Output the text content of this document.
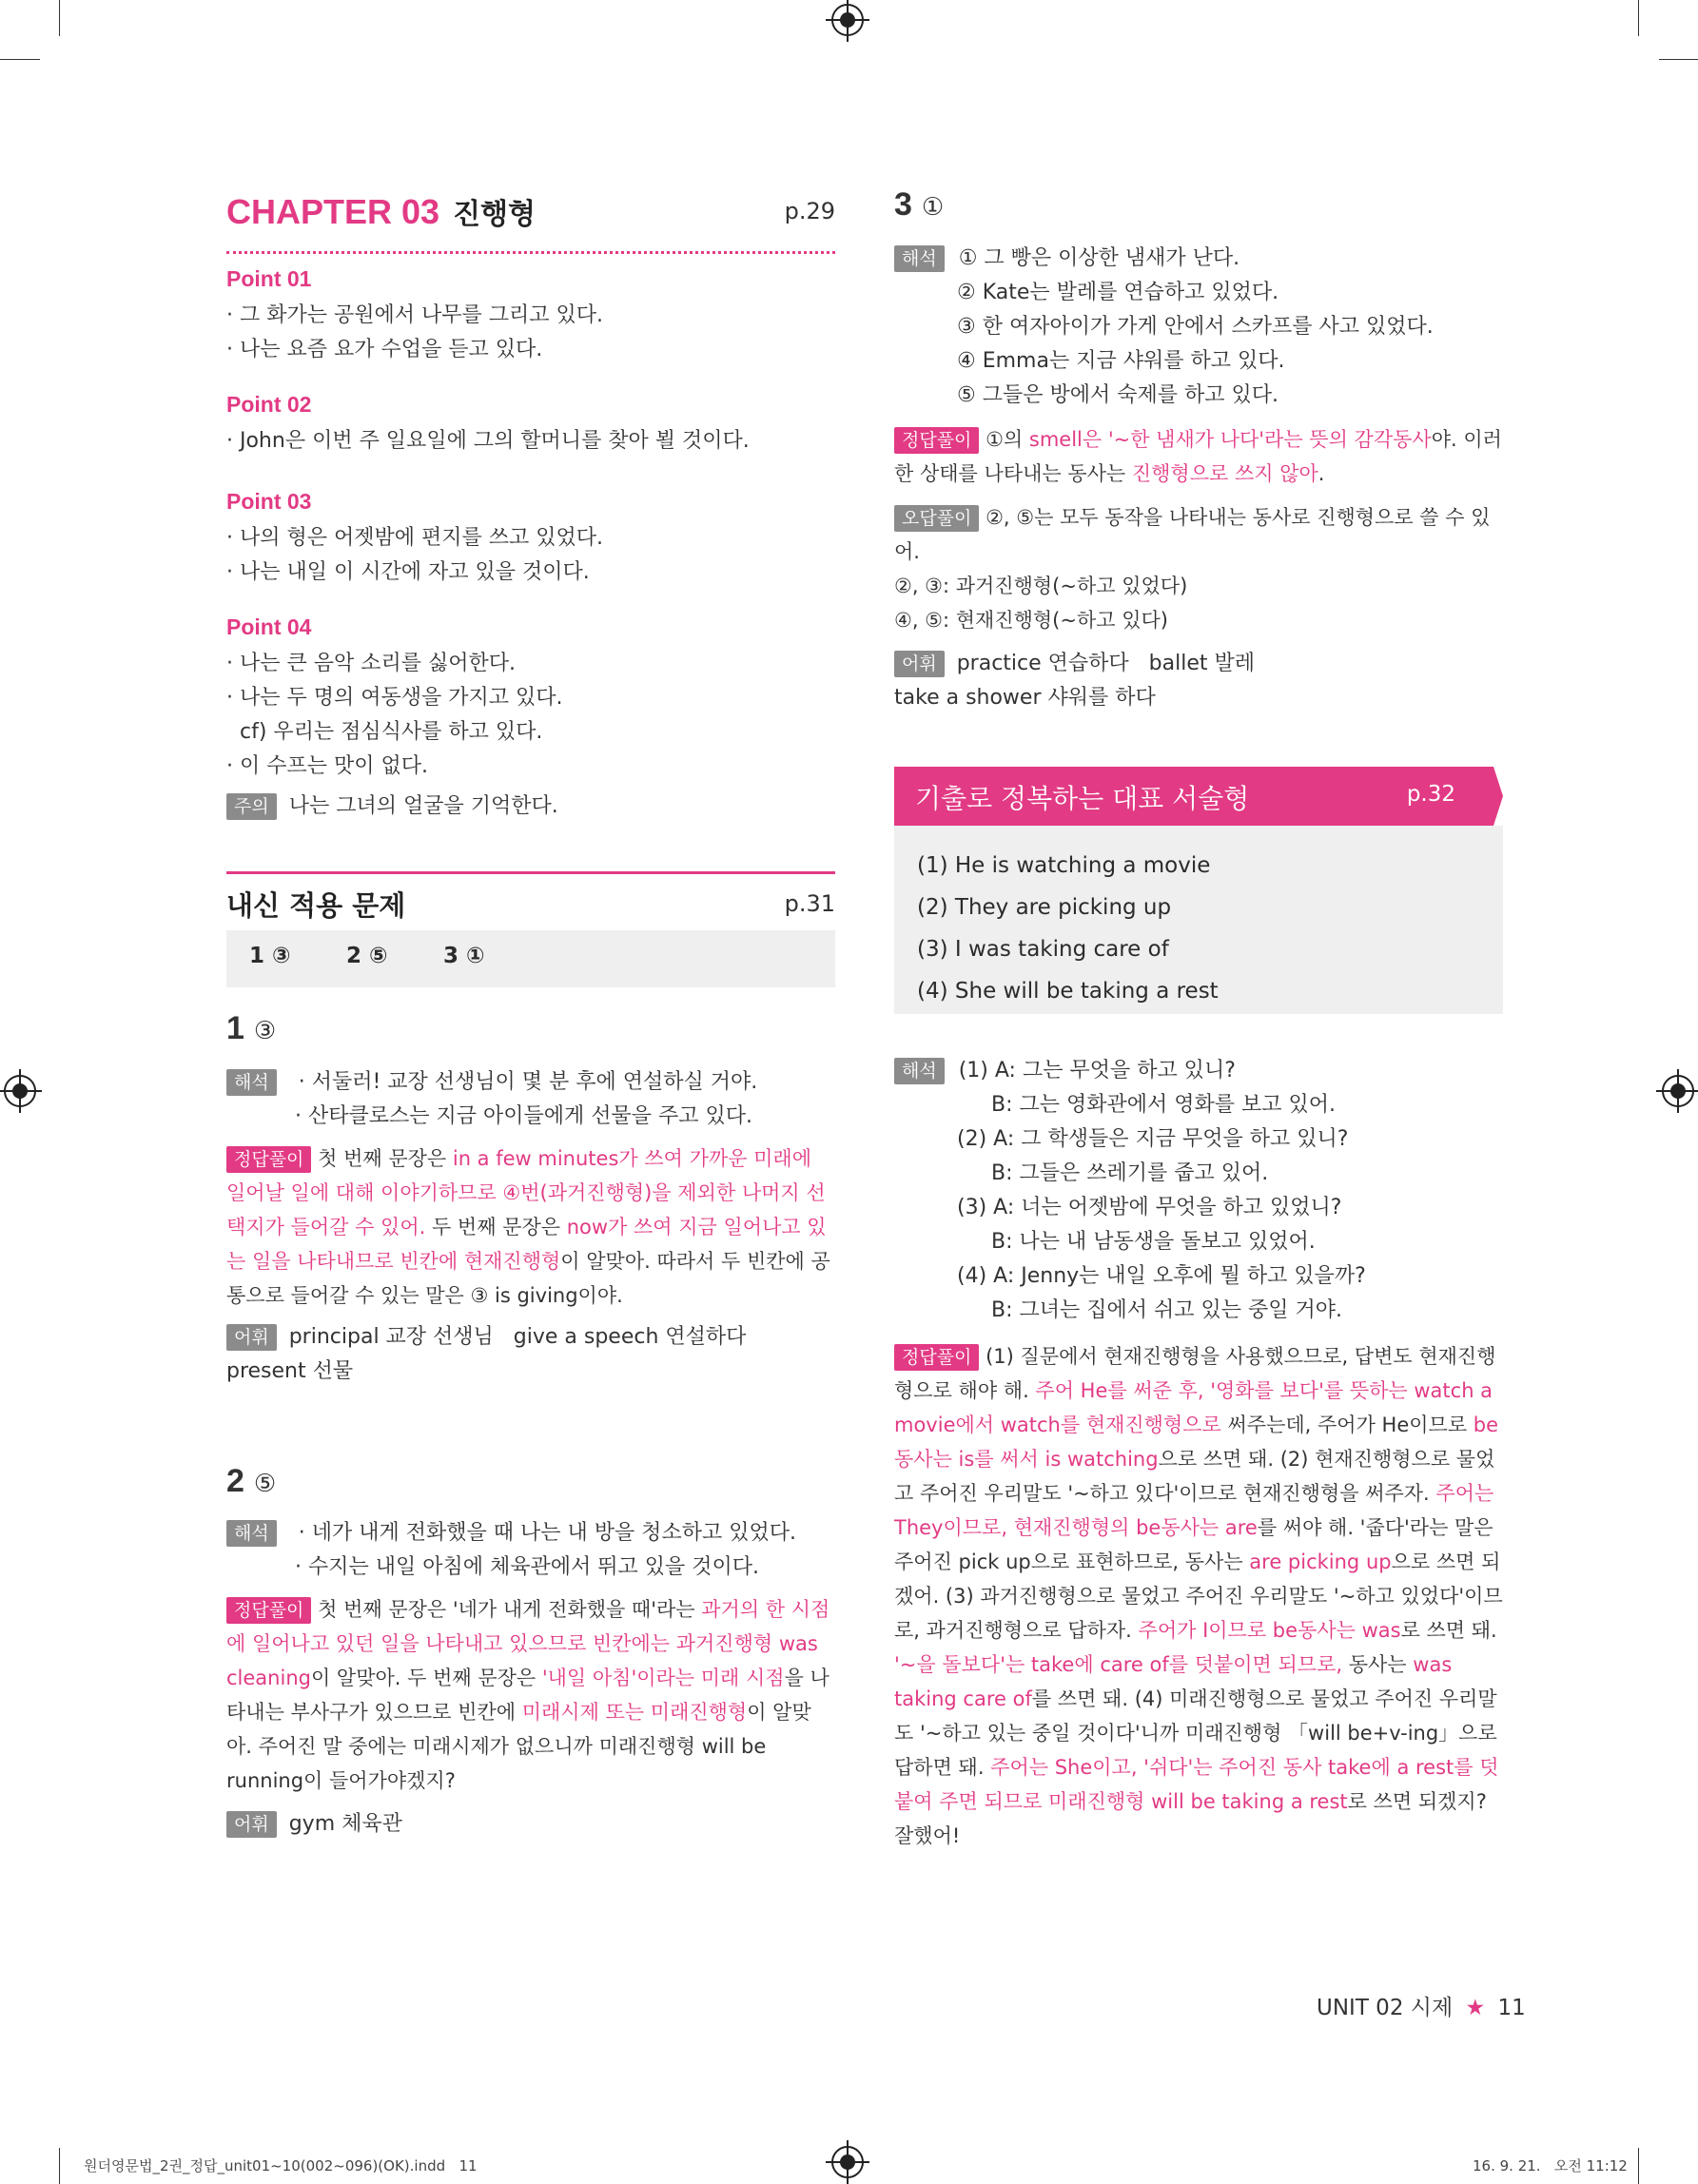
CHAPTER 03 진행형	p.29
Point 01
· 그 화가는 공원에서 나무를 그리고 있다.
· 나는 요즘 요가 수업을 듣고 있다.
Point 02
· John은 이번 주 일요일에 그의 할머니를 찾아 뵐 것이다.
Point 03
· 나의 형은 어젯밤에 편지를 쓰고 있었다.
· 나는 내일 이 시간에 자고 있을 것이다.
Point 04
· 나는 큰 음악 소리를 싫어한다.
· 나는 두 명의 여동생을 가지고 있다.
cf) 우리는 점심식사를 하고 있다.
· 이 수프는 맛이 없다.
주의 나는 그녀의 얼굴을 기억한다.
내신 적용 문제	p.31
1 ③	2 ⑤	3 ①
1 ③
해석 · 서둘러! 교장 선생님이 몇 분 후에 연설하실 거야.
· 산타클로스는 지금 아이들에게 선물을 주고 있다.
정답풀이 첫 번째 문장은 in a few minutes가 쓰여 가까운 미래에 일어날 일에 대해 이야기하므로 ④번(과거진행형)을 제외한 나머지 선택지가 들어갈 수 있어. 두 번째 문장은 now가 쓰여 지금 일어나고 있는 일을 나타내므로 빈칸에 현재진행형이 알맞아. 따라서 두 빈칸에 공통으로 들어갈 수 있는 말은 ③ is giving이야.
어휘 principal 교장 선생님   give a speech 연설하다
present 선물
2 ⑤
해석 · 네가 내게 전화했을 때 나는 내 방을 청소하고 있었다.
· 수지는 내일 아침에 체육관에서 뛰고 있을 것이다.
정답풀이 첫 번째 문장은 '네가 내게 전화했을 때'라는 과거의 한 시점에 일어나고 있던 일을 나타내고 있으므로 빈칸에는 과거진행형 was cleaning이 알맞아. 두 번째 문장은 '내일 아침'이라는 미래 시점을 나타내는 부사구가 있으므로 빈칸에 미래시제 또는 미래진행형이 알맞아. 주어진 말 중에는 미래시제가 없으니까 미래진행형 will be running이 들어가야겠지?
어휘 gym 체육관
3 ①
해석 ① 그 빵은 이상한 냄새가 난다.
② Kate는 발레를 연습하고 있었다.
③ 한 여자아이가 가게 안에서 스카프를 사고 있었다.
④ Emma는 지금 샤워를 하고 있다.
⑤ 그들은 방에서 숙제를 하고 있다.
정답풀이 ①의 smell은 '~한 냄새가 나다'라는 뜻의 감각동사야. 이러한 상태를 나타내는 동사는 진행형으로 쓰지 않아.
오답풀이 ②, ⑤는 모두 동작을 나타내는 동사로 진행형으로 쓸 수 있어.
②, ③: 과거진행형(~하고 있었다)
④, ⑤: 현재진행형(~하고 있다)
어휘 practice 연습하다   ballet 발레
take a shower 샤워를 하다
기출로 정복하는 대표 서술형	p.32
(1) He is watching a movie
(2) They are picking up
(3) I was taking care of
(4) She will be taking a rest
해석 (1) A: 그는 무엇을 하고 있니?
B: 그는 영화관에서 영화를 보고 있어.
(2) A: 그 학생들은 지금 무엇을 하고 있니?
B: 그들은 쓰레기를 줍고 있어.
(3) A: 너는 어젯밤에 무엇을 하고 있었니?
B: 나는 내 남동생을 돌보고 있었어.
(4) A: Jenny는 내일 오후에 뭘 하고 있을까?
B: 그녀는 집에서 쉬고 있는 중일 거야.
정답풀이 (1) 질문에서 현재진행형을 사용했으므로, 답변도 현재진행형으로 해야 해. 주어 He를 써준 후, '영화를 보다'를 뜻하는 watch a movie에서 watch를 현재진행형으로 써주는데, 주어가 He이므로 be동사는 is를 써서 is watching으로 쓰면 돼. (2) 현재진행형으로 물었고 주어진 우리말도 '~하고 있다'이므로 현재진행형을 써주자. 주어는 They이므로, 현재진행형의 be동사는 are를 써야 해. '줍다'라는 말은 주어진 pick up으로 표현하므로, 동사는 are picking up으로 쓰면 되겠어. (3) 과거진행형으로 물었고 주어진 우리말도 '~하고 있었다'이므로, 과거진행형으로 답하자. 주어가 I이므로 be동사는 was로 쓰면 돼. '~을 돌보다'는 take에 care of를 덧붙이면 되므로, 동사는 was taking care of를 쓰면 돼. (4) 미래진행형으로 물었고 주어진 우리말도 '~하고 있는 중일 것이다'니까 미래진행형 「will be+v-ing」으로 답하면 돼. 주어는 She이고, '쉬다'는 주어진 동사 take에 a rest를 덧붙여 주면 되므로 미래진행형 will be taking a rest로 쓰면 되겠지? 잘했어!
UNIT 02 시제 ★ 11
원더영문법_2권_정답_unit01~10(002~096)(OK).indd   11	16. 9. 21.   오전 11:12
